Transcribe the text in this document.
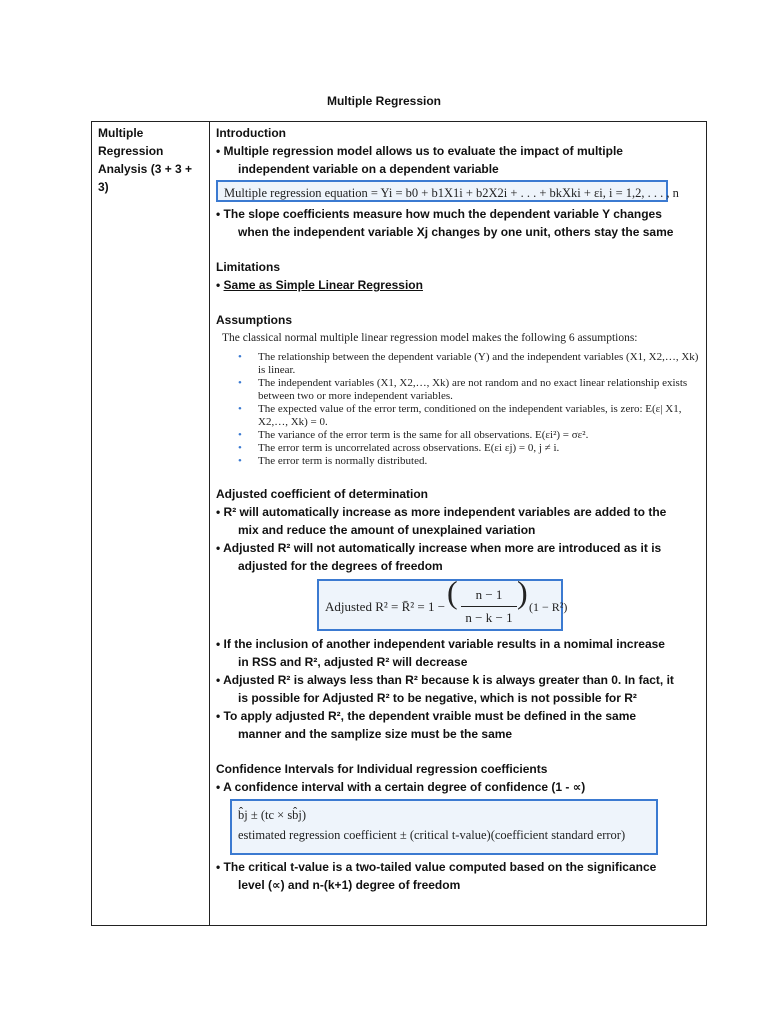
Multiple Regression
Multiple
Regression
Analysis (3 + 3 + 3)

Introduction

• Multiple regression model allows us to evaluate the impact of multiple

independent variable on a dependent variable

Multiple regression equation = Yi = b0 + b1X1i + b2X2i + . . . + bkXki + εi, i = 1,2, . . . , n

• The slope coefficients measure how much the dependent variable Y changes

when the independent variable Xj changes by one unit, others stay the same

Limitations

• Same as Simple Linear Regression

Assumptions

The classical normal multiple linear regression model makes the following 6 assumptions:
• The relationship between the dependent variable (Y) and the independent variables (X1, X2,…, Xk) is linear.
• The independent variables (X1, X2,…, Xk) are not random and no exact linear relationship exists between two or more independent variables.
• The expected value of the error term, conditioned on the independent variables, is zero: E(ε| X1, X2,…, Xk) = 0.
• The variance of the error term is the same for all observations. E(εi²) = σε².
• The error term is uncorrelated across observations. E(εi εj) = 0, j ≠ i.
• The error term is normally distributed.

Adjusted coefficient of determination

• R² will automatically increase as more independent variables are added to the

mix and reduce the amount of unexplained variation

• Adjusted R² will not automatically increase when more are introduced as it is

adjusted for the degrees of freedom

Adjusted R² = R̄² = 1 − (	n − 1
n − k − 1
) (1 − R²)

• If the inclusion of another independent variable results in a nomimal increase

in RSS and R², adjusted R² will decrease

• Adjusted R² is always less than R² because k is always greater than 0. In fact, it

is possible for Adjusted R² to be negative, which is not possible for R²

• To apply adjusted R², the dependent vraible must be defined in the same

manner and the samplize size must be the same

Confidence Intervals for Individual regression coefficients

• A confidence interval with a certain degree of confidence (1 - ∝)

b̂j ± (tc × sb̂j)
estimated regression coefficient ± (critical t-value)(coefficient standard error)

• The critical t-value is a two-tailed value computed based on the significance

level (∝) and n-(k+1) degree of freedom
